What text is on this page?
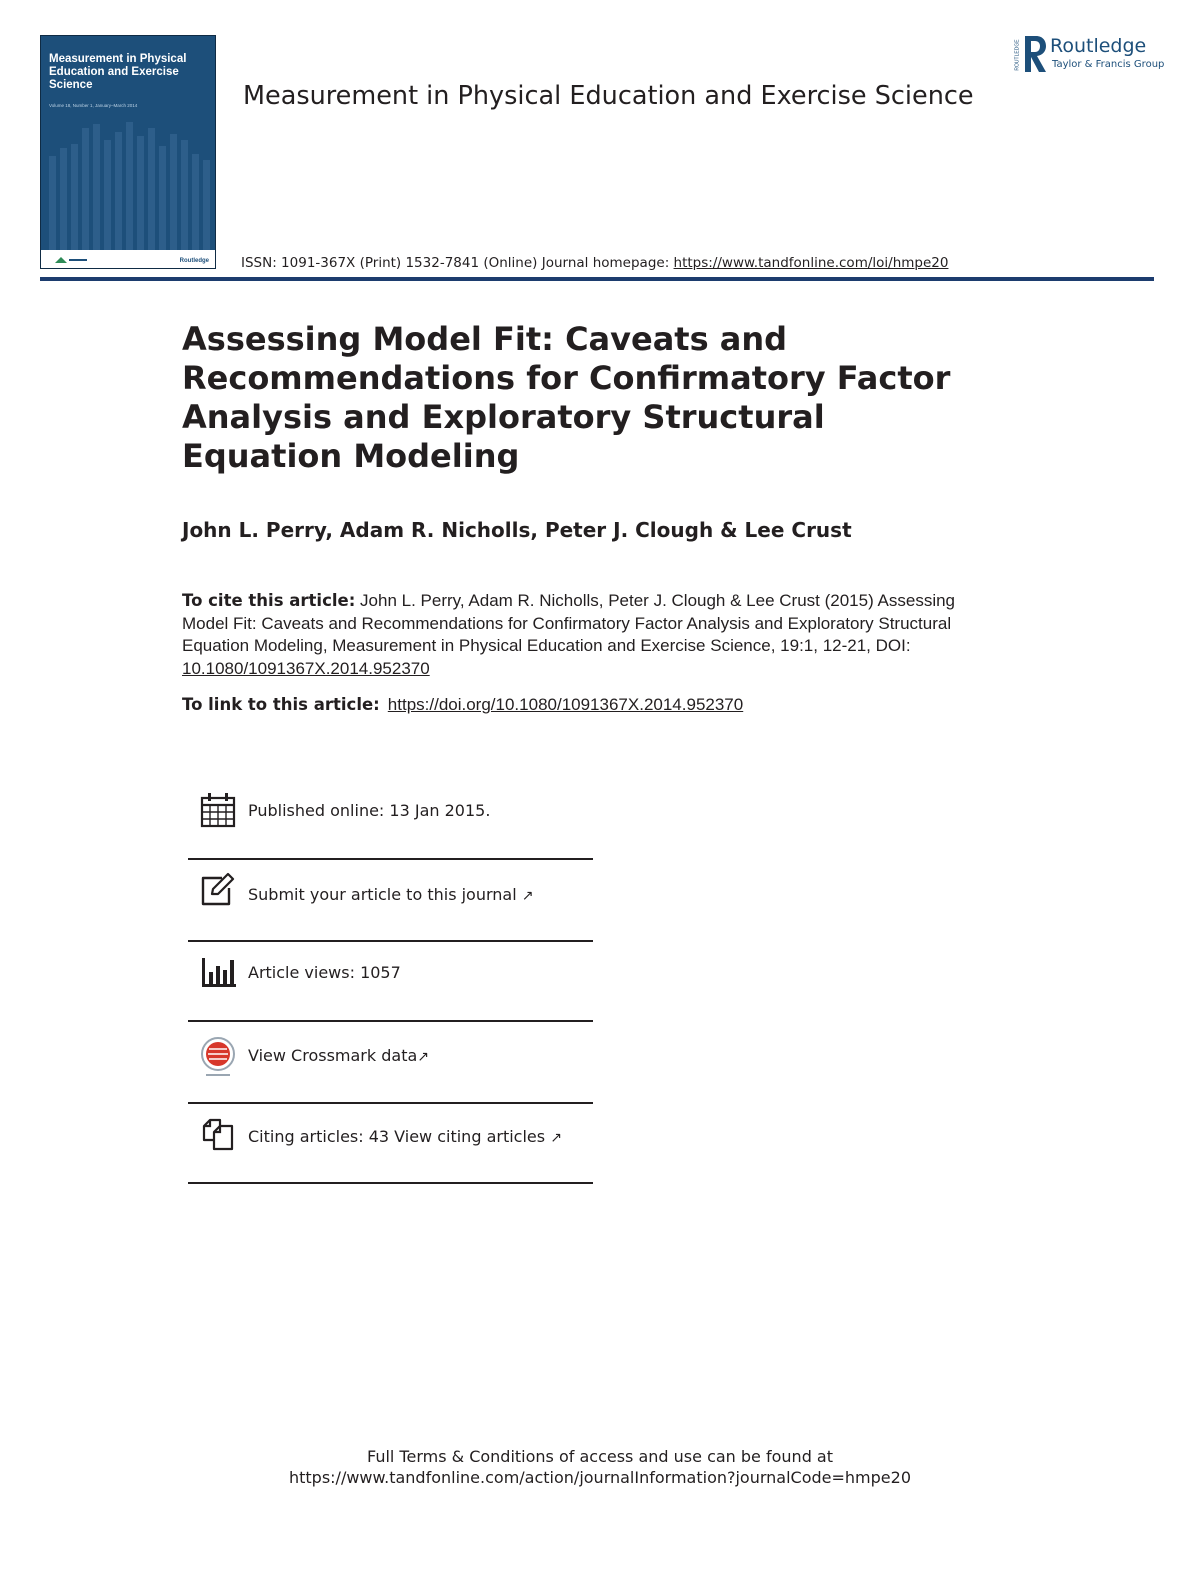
Measurement in Physical Education and Exercise Science
Volume 18, Number 1, January–March 2014
Routledge
Measurement in Physical Education and Exercise Science
ISSN: 1091-367X (Print) 1532-7841 (Online) Journal homepage: https://www.tandfonline.com/loi/hmpe20
ROUTLEDGE Routledge
Taylor & Francis Group
Assessing Model Fit: Caveats and Recommendations for Confirmatory Factor Analysis and Exploratory Structural Equation Modeling
John L. Perry, Adam R. Nicholls, Peter J. Clough & Lee Crust
To cite this article: John L. Perry, Adam R. Nicholls, Peter J. Clough & Lee Crust (2015) Assessing Model Fit: Caveats and Recommendations for Confirmatory Factor Analysis and Exploratory Structural Equation Modeling, Measurement in Physical Education and Exercise Science, 19:1, 12-21, DOI: 10.1080/1091367X.2014.952370
To link to this article: https://doi.org/10.1080/1091367X.2014.952370
Published online: 13 Jan 2015.
Submit your article to this journal ↗
Article views: 1057
View Crossmark data↗
Citing articles: 43 View citing articles ↗
Full Terms & Conditions of access and use can be found at
https://www.tandfonline.com/action/journalInformation?journalCode=hmpe20
